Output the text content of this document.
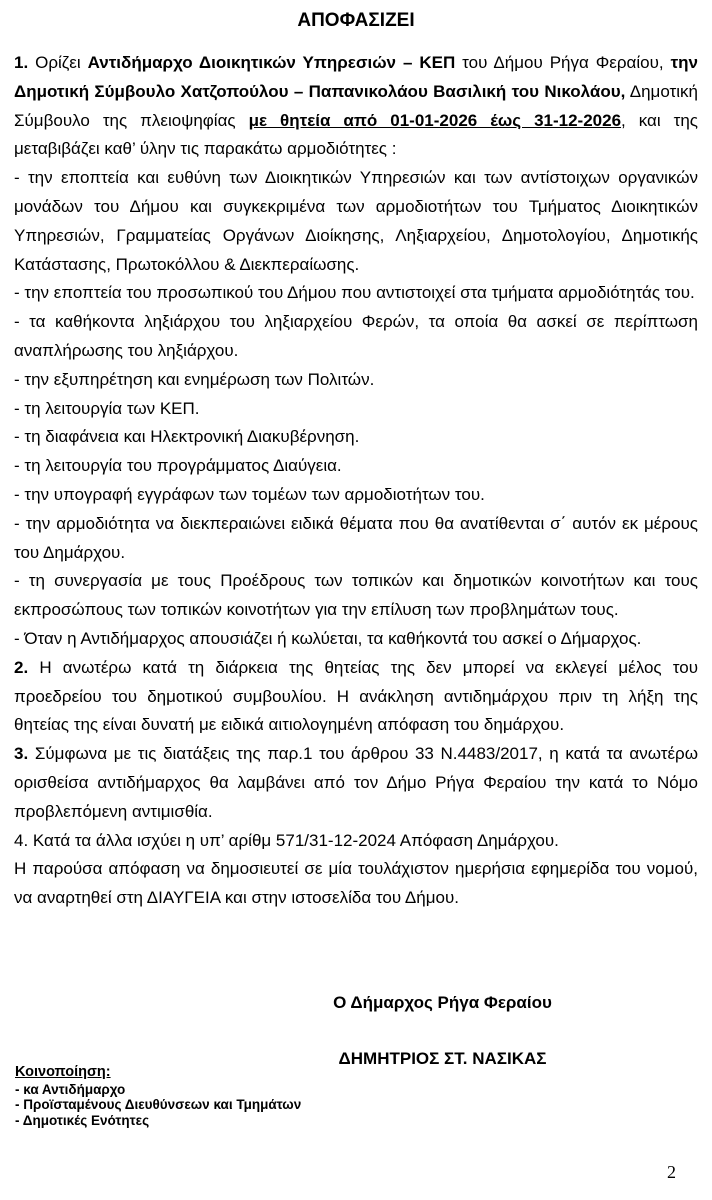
ΑΠΟΦΑΣΙΖΕΙ

1. Ορίζει Αντιδήμαρχο Διοικητικών Υπηρεσιών – ΚΕΠ του Δήμου Ρήγα Φεραίου, την Δημοτική Σύμβουλο Χατζοπούλου – Παπανικολάου Βασιλική του Νικολάου, Δημοτική Σύμβουλο της πλειοψηφίας με θητεία από 01-01-2026 έως 31-12-2026, και της μεταβιβάζει καθ’ ύλην τις παρακάτω αρμοδιότητες :

- την εποπτεία και ευθύνη των Διοικητικών Υπηρεσιών και των αντίστοιχων οργανικών μονάδων του Δήμου και συγκεκριμένα των αρμοδιοτήτων του Τμήματος Διοικητικών Υπηρεσιών, Γραμματείας Οργάνων Διοίκησης, Ληξιαρχείου, Δημοτολογίου, Δημοτικής Κατάστασης, Πρωτοκόλλου & Διεκπεραίωσης.

- την εποπτεία του προσωπικού του Δήμου που αντιστοιχεί στα τμήματα αρμοδιότητάς του.

- τα καθήκοντα ληξιάρχου του ληξιαρχείου Φερών, τα οποία θα ασκεί σε περίπτωση αναπλήρωσης του ληξιάρχου.

- την εξυπηρέτηση και ενημέρωση των Πολιτών.

- τη λειτουργία των ΚΕΠ.

- τη διαφάνεια και Ηλεκτρονική Διακυβέρνηση.

- τη λειτουργία του προγράμματος Διαύγεια.

- την υπογραφή εγγράφων των τομέων των αρμοδιοτήτων του.

- την αρμοδιότητα να διεκπεραιώνει ειδικά θέματα που θα ανατίθενται σ΄ αυτόν εκ μέρους του Δημάρχου.

- τη συνεργασία με τους Προέδρους των τοπικών και δημοτικών κοινοτήτων και τους εκπροσώπους των τοπικών κοινοτήτων για την επίλυση των προβλημάτων τους.

- Όταν η Αντιδήμαρχος απουσιάζει ή κωλύεται, τα καθήκοντά του ασκεί ο Δήμαρχος.

2. Η ανωτέρω κατά τη διάρκεια της θητείας της δεν μπορεί να εκλεγεί μέλος του προεδρείου του δημοτικού συμβουλίου. Η ανάκληση αντιδημάρχου πριν τη λήξη της θητείας της είναι δυνατή με ειδικά αιτιολογημένη απόφαση του δημάρχου.

3. Σύμφωνα με τις διατάξεις της παρ.1 του άρθρου 33 Ν.4483/2017, η κατά τα ανωτέρω ορισθείσα αντιδήμαρχος θα λαμβάνει από τον Δήμο Ρήγα Φεραίου την κατά το Νόμο προβλεπόμενη αντιμισθία.

4. Κατά τα άλλα ισχύει η υπ’ αρίθμ 571/31-12-2024 Απόφαση Δημάρχου.

Η παρούσα απόφαση να δημοσιευτεί σε μία τουλάχιστον ημερήσια εφημερίδα του νομού, να αναρτηθεί στη ΔΙΑΥΓΕΙΑ και στην ιστοσελίδα του Δήμου.

Ο Δήμαρχος Ρήγα Φεραίου
ΔΗΜΗΤΡΙΟΣ ΣΤ. ΝΑΣΙΚΑΣ
Κοινοποίηση:
- κα Αντιδήμαρχο
- Προϊσταμένους Διευθύνσεων και Τμημάτων
- Δημοτικές Ενότητες
2
